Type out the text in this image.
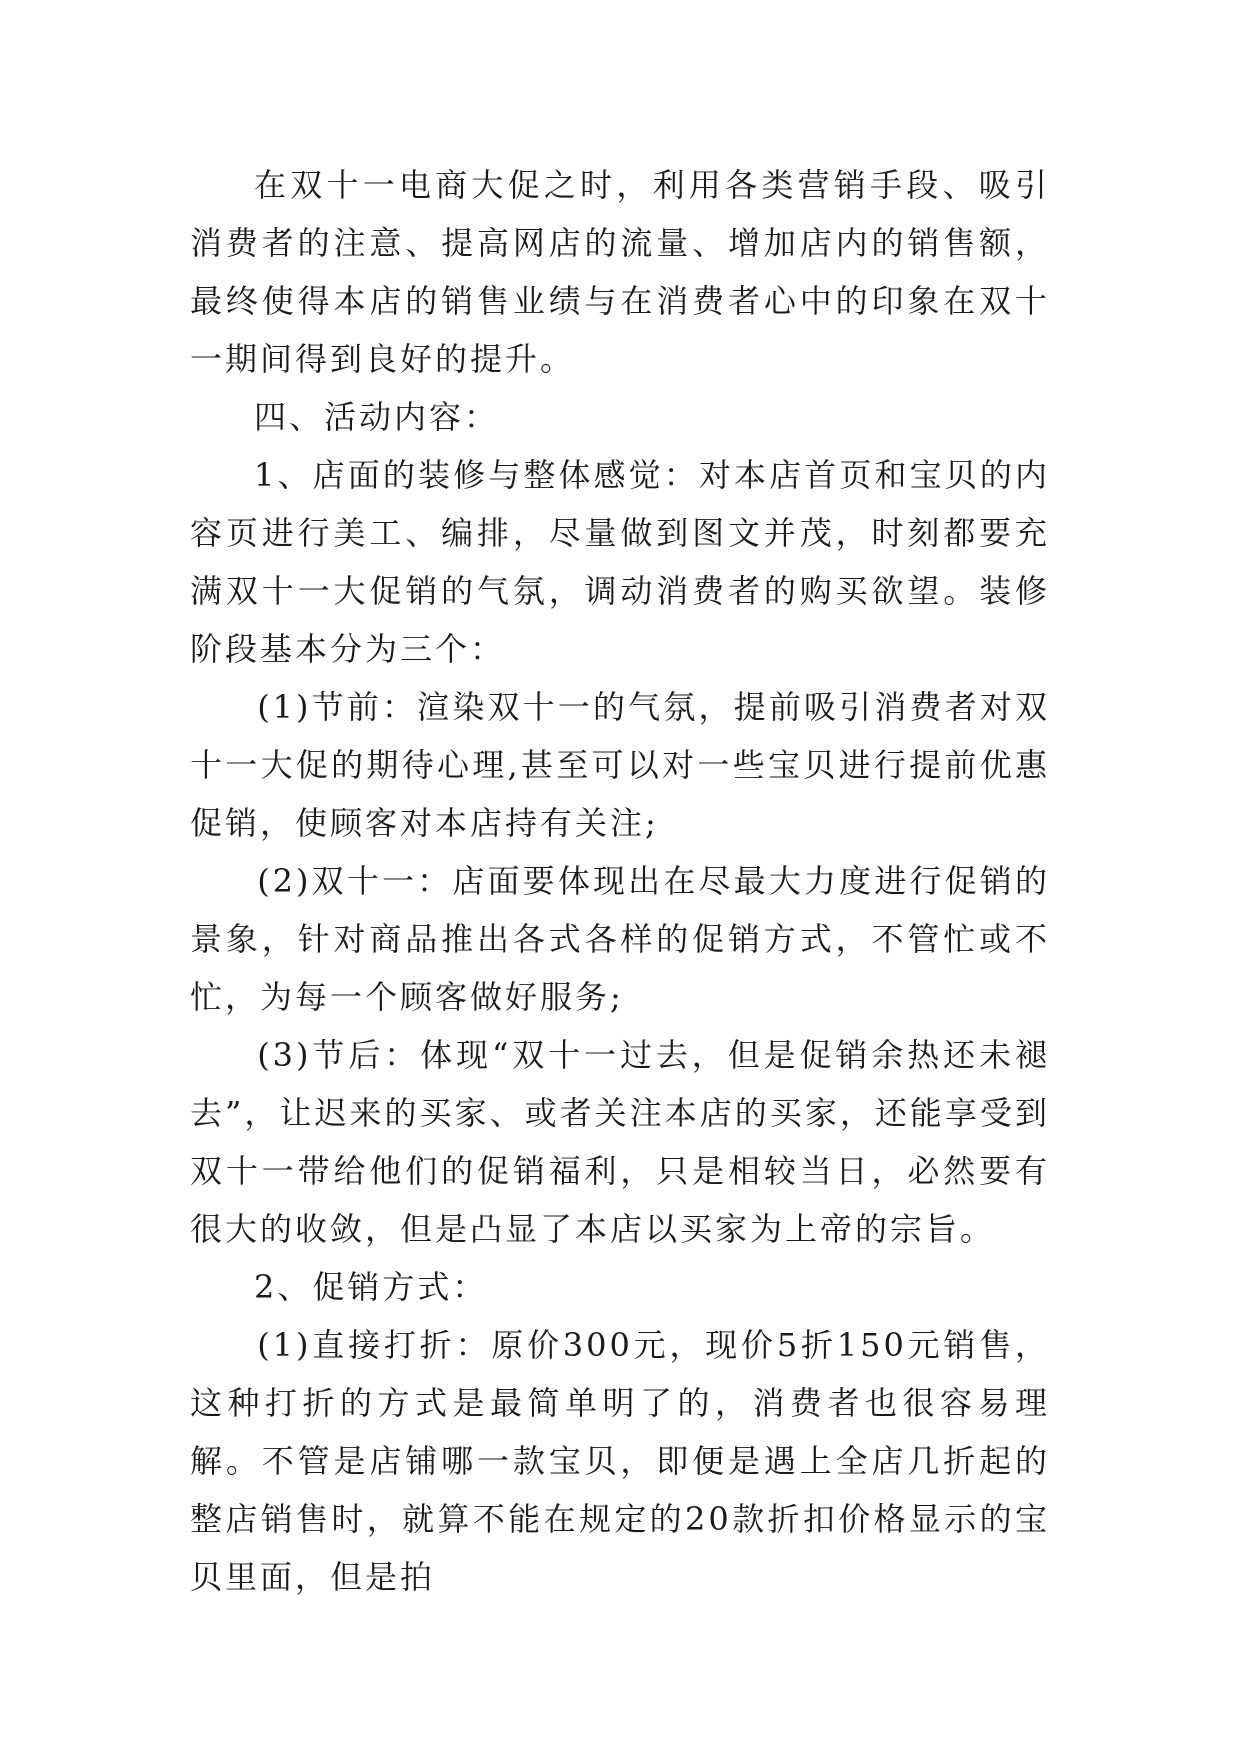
在双十一电商大促之时，利用各类营销手段、吸引消费者的注意、提高网店的流量、增加店内的销售额，最终使得本店的销售业绩与在消费者心中的印象在双十一期间得到良好的提升。

四、活动内容：

1、店面的装修与整体感觉：对本店首页和宝贝的内容页进行美工、编排，尽量做到图文并茂，时刻都要充满双十一大促销的气氛，调动消费者的购买欲望。装修阶段基本分为三个：

(1)节前：渲染双十一的气氛，提前吸引消费者对双十一大促的期待心理,甚至可以对一些宝贝进行提前优惠促销，使顾客对本店持有关注;

(2)双十一：店面要体现出在尽最大力度进行促销的景象，针对商品推出各式各样的促销方式，不管忙或不忙，为每一个顾客做好服务;

(3)节后：体现“双十一过去，但是促销余热还未褪去”，让迟来的买家、或者关注本店的买家，还能享受到双十一带给他们的促销福利，只是相较当日，必然要有很大的收敛，但是凸显了本店以买家为上帝的宗旨。

2、促销方式：

(1)直接打折：原价300元，现价5折150元销售，这种打折的方式是最简单明了的，消费者也很容易理解。不管是店铺哪一款宝贝，即便是遇上全店几折起的整店销售时，就算不能在规定的20款折扣价格显示的宝贝里面，但是拍
